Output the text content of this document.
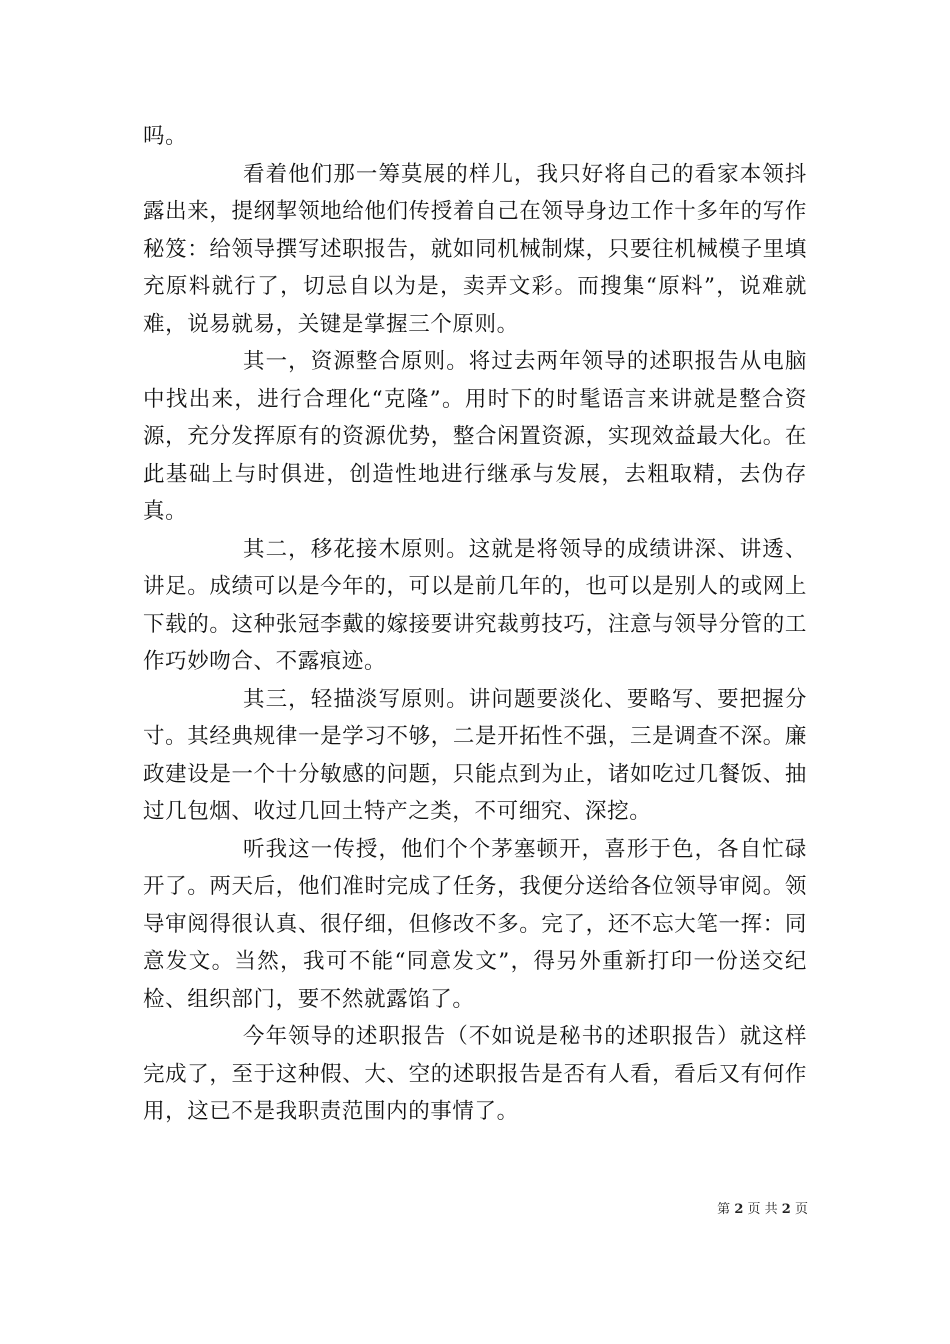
吗。

看着他们那一筹莫展的样儿，我只好将自己的看家本领抖露出来，提纲挈领地给他们传授着自己在领导身边工作十多年的写作秘笈：给领导撰写述职报告，就如同机械制煤，只要往机械模子里填充原料就行了，切忌自以为是，卖弄文彩。而搜集“原料”，说难就难，说易就易，关键是掌握三个原则。

其一，资源整合原则。将过去两年领导的述职报告从电脑中找出来，进行合理化“克隆”。用时下的时髦语言来讲就是整合资源，充分发挥原有的资源优势，整合闲置资源，实现效益最大化。在此基础上与时俱进，创造性地进行继承与发展，去粗取精，去伪存真。

其二，移花接木原则。这就是将领导的成绩讲深、讲透、讲足。成绩可以是今年的，可以是前几年的，也可以是别人的或网上下载的。这种张冠李戴的嫁接要讲究裁剪技巧，注意与领导分管的工作巧妙吻合、不露痕迹。

其三，轻描淡写原则。讲问题要淡化、要略写、要把握分寸。其经典规律一是学习不够，二是开拓性不强，三是调查不深。廉政建设是一个十分敏感的问题，只能点到为止，诸如吃过几餐饭、抽过几包烟、收过几回土特产之类，不可细究、深挖。

听我这一传授，他们个个茅塞顿开，喜形于色，各自忙碌开了。两天后，他们准时完成了任务，我便分送给各位领导审阅。领导审阅得很认真、很仔细，但修改不多。完了，还不忘大笔一挥：同意发文。当然，我可不能“同意发文”，得另外重新打印一份送交纪检、组织部门，要不然就露馅了。

今年领导的述职报告（不如说是秘书的述职报告）就这样完成了，至于这种假、大、空的述职报告是否有人看，看后又有何作用，这已不是我职责范围内的事情了。

第 2 页 共 2 页
